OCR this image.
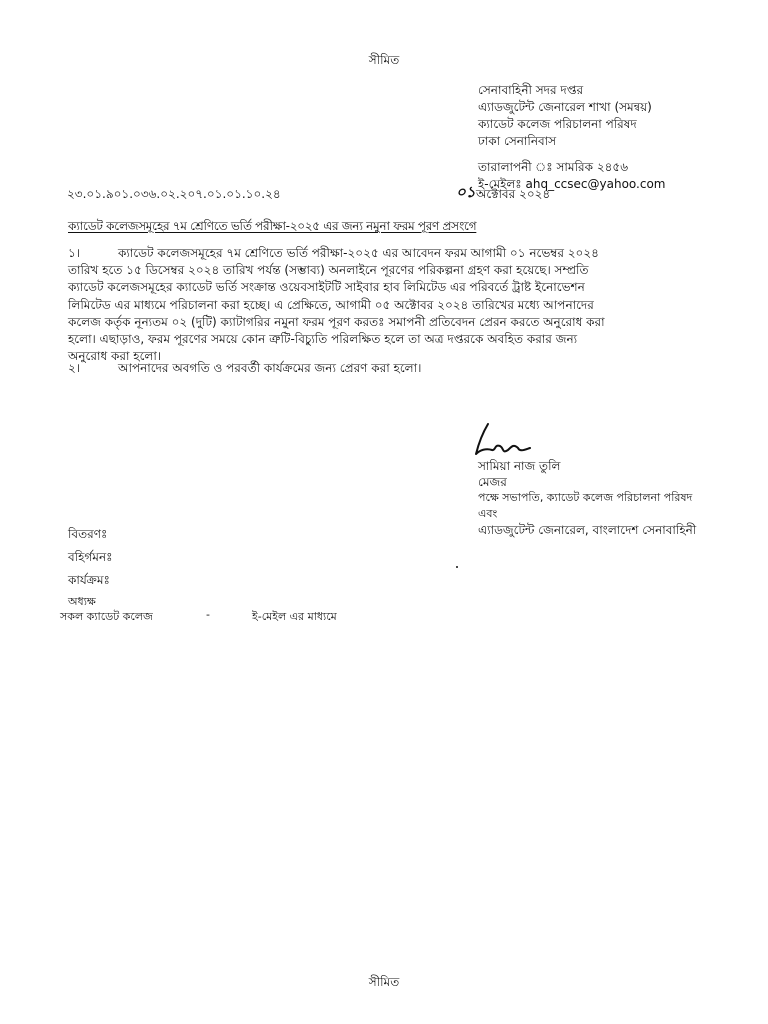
সীমিত
সেনাবাহিনী সদর দপ্তর
এ্যাডজুটেন্ট জেনারেল শাখা (সমন্বয়)
ক্যাডেট কলেজ পরিচালনা পরিষদ
ঢাকা সেনানিবাস
তারালাপনী ঃ সামরিক ২৪৫৬
ই-মেইলঃ ahq_ccsec@yahoo.com
২৩.০১.৯০১.০৩৬.০২.২০৭.০১.০১.১০.২৪	০১ অক্টোবর ২০২৪
ক্যাডেট কলেজসমূহের ৭ম শ্রেণিতে ভর্তি পরীক্ষা-২০২৫ এর জন্য নমুনা ফরম পূরণ প্রসংগে
১।	ক্যাডেট কলেজসমূহের ৭ম শ্রেণিতে ভর্তি পরীক্ষা-২০২৫ এর আবেদন ফরম আগামী ০১ নভেম্বর ২০২৪
তারিখ হতে ১৫ ডিসেম্বর ২০২৪ তারিখ পর্যন্ত (সম্ভাব্য) অনলাইনে পূরণের পরিকল্পনা গ্রহণ করা হয়েছে। সম্প্রতি
ক্যাডেট কলেজসমূহের ক্যাডেট ভর্তি সংক্রান্ত ওয়েবসাইটটি সাইবার হাব লিমিটেড এর পরিবর্তে ট্রাষ্ট ইনোভেশন
লিমিটেড এর মাধ্যমে পরিচালনা করা হচ্ছে। এ প্রেক্ষিতে, আগামী ০৫ অক্টোবর ২০২৪ তারিখের মধ্যে আপনাদের
কলেজ কর্তৃক নূন্যতম ০২ (দুটি) ক্যাটাগরির নমুনা ফরম পূরণ করতঃ সমাপনী প্রতিবেদন প্রেরন করতে অনুরোধ করা
হলো। এছাড়াও, ফরম পূরণের সময়ে কোন ত্রুটি-বিচ্যুতি পরিলক্ষিত হলে তা অত্র দপ্তরকে অবহিত করার জন্য
অনুরোধ করা হলো।
২।	আপনাদের অবগতি ও পরবর্তী কার্যক্রমের জন্য প্রেরণ করা হলো।
সামিয়া নাজ তুলি
মেজর
পক্ষে সভাপতি, ক্যাডেট কলেজ পরিচালনা পরিষদ
এবং
এ্যাডজুটেন্ট জেনারেল, বাংলাদেশ সেনাবাহিনী
বিতরণঃ
বহির্গমনঃ
কার্যক্রমঃ
অধ্যক্ষ
সকল ক্যাডেট কলেজ	-	ই-মেইল এর মাধ্যমে
সীমিত
